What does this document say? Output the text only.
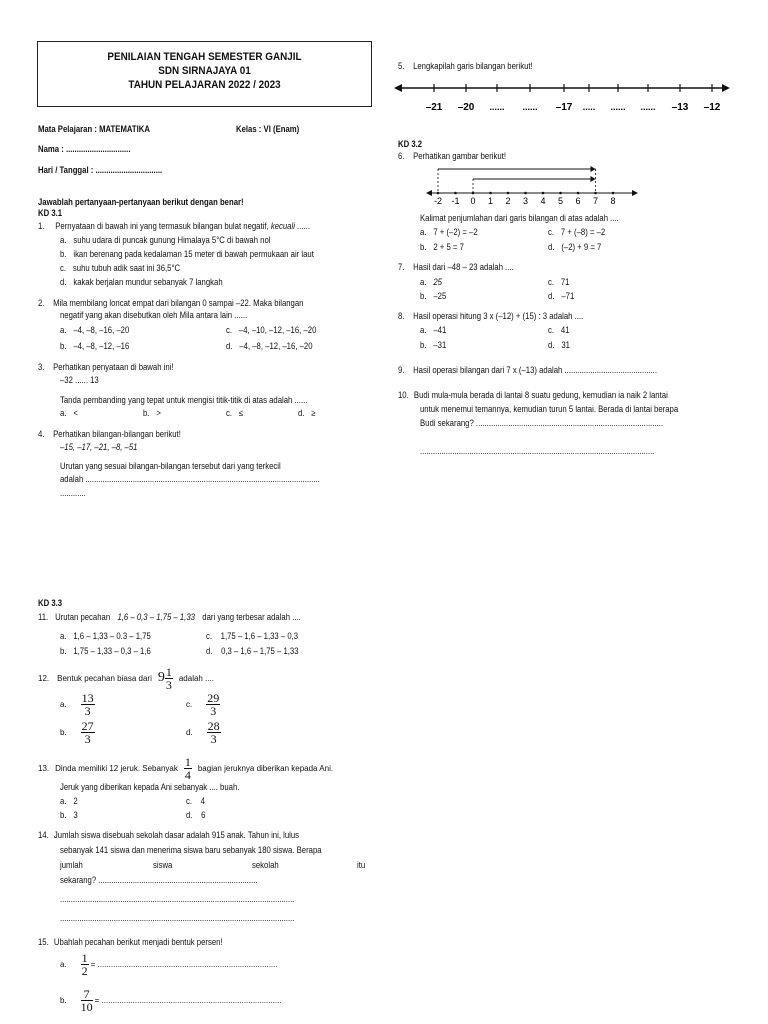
PENILAIAN TENGAH SEMESTER GANJIL
SDN SIRNAJAYA 01
TAHUN PELAJARAN 2022 / 2023
Mata Pelajaran : MATEMATIKA	Kelas : VI (Enam)
Nama : ..............................
Hari / Tanggal : ...............................
Jawablah pertanyaan-pertanyaan berikut dengan benar!
KD 3.1
1. Pernyataan di bawah ini yang termasuk bilangan bulat negatif, kecuali ......
a. suhu udara di puncak gunung Himalaya 5°C di bawah nol
b. ikan berenang pada kedalaman 15 meter di bawah permukaan air laut
c. suhu tubuh adik saat ini 36,5°C
d. kakak berjalan mundur sebanyak 7 langkah
2. Mila membilang loncat empat dari bilangan 0 sampai –22. Maka bilangan
negatif yang akan disebutkan oleh Mila antara lain ......
a. –4, –8, –16, –20	c. –4, –10, –12, –16, –20
b. –4, –8, –12, –16	d. –4, –8, –12, –16, –20
3. Perhatikan penyataan di bawah ini!
–32 ...... 13
Tanda pembanding yang tepat untuk mengisi titik-titik di atas adalah ......
a. <	b. >	c. ≤	d. ≥
4. Perhatikan bilangan-bilangan berikut!
–15, –17, –21, –8, –51
Urutan yang sesuai bilangan-bilangan tersebut dari yang terkecil
adalah .............................................................................................................
............
5. Lengkapilah garis bilangan berikut!
–21 –20 ...... ...... –17 ..... ...... ...... –13 –12
KD 3.2
6. Perhatikan gambar berikut!
-2 -1 0 1 2 3 4 5 6 7 8
Kalimat penjumlahan dari garis bilangan di atas adalah ....
a. 7 + (–2) = –2	c. 7 + (–8) = –2
b. 2 + 5 = 7	d. (–2) + 9 = 7
7. Hasil dari –48 – 23 adalah ....
a. 25	c. 71
b. –25	d. –71
8. Hasil operasi hitung 3 x (–12) + (15) : 3 adalah ....
a. –41	c. 41
b. –31	d. 31
9. Hasil operasi bilangan dari 7 x (–13) adalah ...........................................
10. Budi mula-mula berada di lantai 8 suatu gedung, kemudian ia naik 2 lantai
untuk menemui temannya, kemudian turun 5 lantai. Berada di lantai berapa
Budi sekarang? .......................................................................................
.............................................................................................................
KD 3.3
11. Urutan pecahan 1,6 – 0,3 – 1,75 – 1,33 dari yang terbesar adalah ....
a. 1,6 – 1,33 – 0.3 – 1,75	c. 1,75 – 1,6 – 1,33 – 0,3
b. 1,75 – 1,33 – 0,3 – 1,6	d. 0,3 – 1,6 – 1,75 – 1,33
12. Bentuk pecahan biasa dari $9 \frac{1}{3}$ adalah ....
a. $\frac{13}{3}$	c. $\frac{29}{3}$
b. $\frac{27}{3}$	d. $\frac{28}{3}$
13. Dinda memiliki 12 jeruk. Sebanyak $\frac{1}{4}$ bagian jeruknya diberikan kepada Ani.
Jeruk yang diberikan kepada Ani sebanyak .... buah.
a. 2	c. 4
b. 3	d. 6
14. Jumlah siswa disebuah sekolah dasar adalah 915 anak. Tahun ini, lulus
sebanyak 141 siswa dan menerima siswa baru sebanyak 180 siswa. Berapa
jumlah	siswa	sekolah	itu
sekarang? ..........................................................................
.............................................................................................................
.............................................................................................................
15. Ubahlah pecahan berikut menjadi bentuk persen!
a. $\frac{1}{2}$ = .................................................................................
b. $\frac{7}{10}$ = .................................................................................
